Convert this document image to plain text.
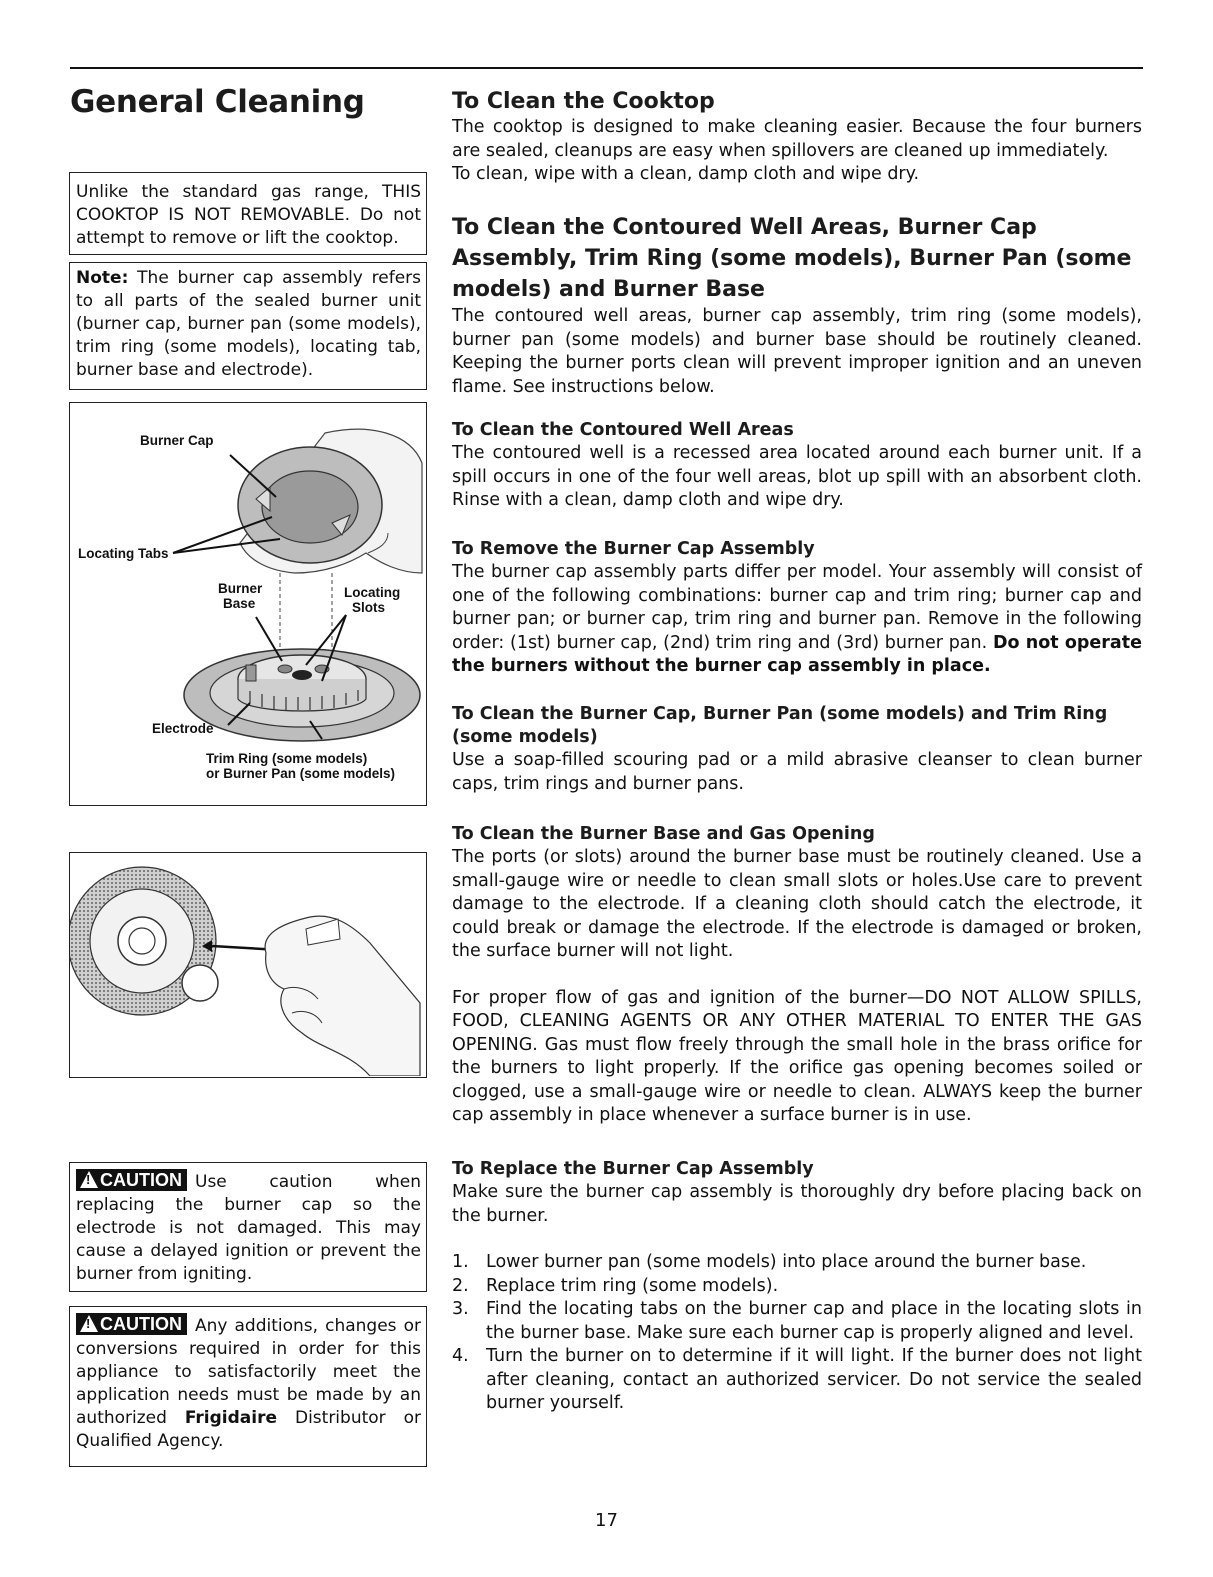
General Cleaning
Unlike the standard gas range, THIS COOKTOP IS NOT REMOVABLE. Do not attempt to remove or lift the cooktop.
Note: The burner cap assembly refers to all parts of the sealed burner unit (burner cap, burner pan (some models), trim ring (some models), locating tab, burner base and electrode).
Burner Cap
Locating Tabs
Burner
Base
Locating
Slots
Electrode
Trim Ring (some models)
or Burner Pan (some models)
!CAUTION Use caution when replacing the burner cap so the electrode is not damaged. This may cause a delayed ignition or prevent the burner from igniting.
!CAUTION Any additions, changes or conversions required in order for this appliance to satisfactorily meet the application needs must be made by an authorized Frigidaire Distributor or Qualified Agency.
To Clean the Cooktop

The cooktop is designed to make cleaning easier. Because the four burners are sealed, cleanups are easy when spillovers are cleaned up immediately.

To clean, wipe with a clean, damp cloth and wipe dry.

To Clean the Contoured Well Areas, Burner Cap Assembly, Trim Ring (some models), Burner Pan (some models) and Burner Base

The contoured well areas, burner cap assembly, trim ring (some models), burner pan (some models) and burner base should be routinely cleaned. Keeping the burner ports clean will prevent improper ignition and an uneven flame. See instructions below.

To Clean the Contoured Well Areas

The contoured well is a recessed area located around each burner unit. If a spill occurs in one of the four well areas, blot up spill with an absorbent cloth. Rinse with a clean, damp cloth and wipe dry.

To Remove the Burner Cap Assembly

The burner cap assembly parts differ per model. Your assembly will consist of one of the following combinations: burner cap and trim ring; burner cap and burner pan; or burner cap, trim ring and burner pan. Remove in the following order: (1st) burner cap, (2nd) trim ring and (3rd) burner pan. Do not operate the burners without the burner cap assembly in place.

To Clean the Burner Cap, Burner Pan (some models) and Trim Ring (some models)

Use a soap-filled scouring pad or a mild abrasive cleanser to clean burner caps, trim rings and burner pans.

To Clean the Burner Base and Gas Opening

The ports (or slots) around the burner base must be routinely cleaned. Use a small-gauge wire or needle to clean small slots or holes.Use care to prevent damage to the electrode. If a cleaning cloth should catch the electrode, it could break or damage the electrode. If the electrode is damaged or broken, the surface burner will not light.

For proper flow of gas and ignition of the burner—DO NOT ALLOW SPILLS, FOOD, CLEANING AGENTS OR ANY OTHER MATERIAL TO ENTER THE GAS OPENING. Gas must flow freely through the small hole in the brass orifice for the burners to light properly. If the orifice gas opening becomes soiled or clogged, use a small-gauge wire or needle to clean. ALWAYS keep the burner cap assembly in place whenever a surface burner is in use.

To Replace the Burner Cap Assembly

Make sure the burner cap assembly is thoroughly dry before placing back on the burner.

1. Lower burner pan (some models) into place around the burner base.
2. Replace trim ring (some models).
3. Find the locating tabs on the burner cap and place in the locating slots in the burner base. Make sure each burner cap is properly aligned and level.
4. Turn the burner on to determine if it will light. If the burner does not light after cleaning, contact an authorized servicer. Do not service the sealed burner yourself.
17
